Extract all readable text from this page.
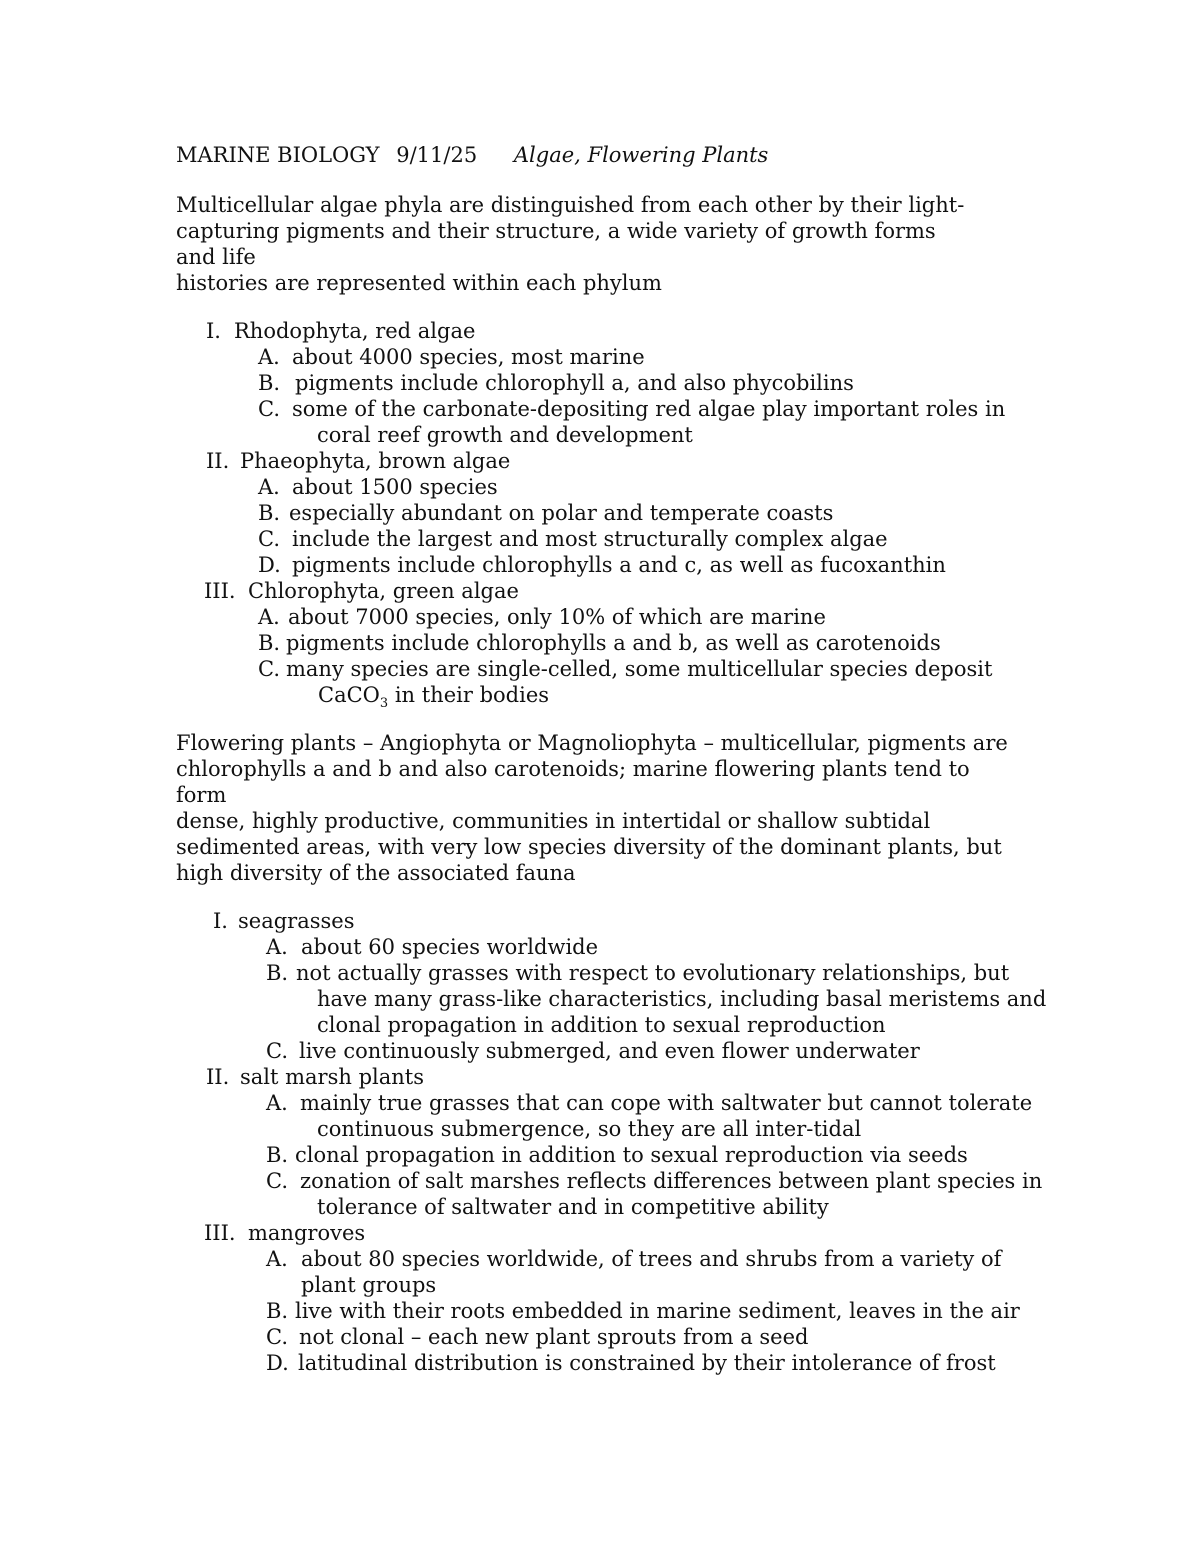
MARINE BIOLOGY 9/11/25 Algae, Flowering Plants
Multicellular algae phyla are distinguished from each other by their light-
capturing pigments and their structure, a wide variety of growth forms and life
histories are represented within each phylum
I. Rhodophyta, red algae
A. about 4000 species, most marine
B. pigments include chlorophyll a, and also phycobilins
C. some of the carbonate-depositing red algae play important roles in
coral reef growth and development
II. Phaeophyta, brown algae
A. about 1500 species
B. especially abundant on polar and temperate coasts
C. include the largest and most structurally complex algae
D. pigments include chlorophylls a and c, as well as fucoxanthin
III. Chlorophyta, green algae
A. about 7000 species, only 10% of which are marine
B. pigments include chlorophylls a and b, as well as carotenoids
C. many species are single-celled, some multicellular species deposit
CaCO$_3$ in their bodies
Flowering plants – Angiophyta or Magnoliophyta – multicellular, pigments are
chlorophylls a and b and also carotenoids; marine flowering plants tend to form
dense, highly productive, communities in intertidal or shallow subtidal
sedimented areas, with very low species diversity of the dominant plants, but
high diversity of the associated fauna
I. seagrasses
A. about 60 species worldwide
B. not actually grasses with respect to evolutionary relationships, but
have many grass-like characteristics, including basal meristems and
clonal propagation in addition to sexual reproduction
C. live continuously submerged, and even flower underwater
II. salt marsh plants
A. mainly true grasses that can cope with saltwater but cannot tolerate
continuous submergence, so they are all inter-tidal
B. clonal propagation in addition to sexual reproduction via seeds
C. zonation of salt marshes reflects differences between plant species in
tolerance of saltwater and in competitive ability
III. mangroves
A. about 80 species worldwide, of trees and shrubs from a variety of
plant groups
B. live with their roots embedded in marine sediment, leaves in the air
C. not clonal – each new plant sprouts from a seed
D. latitudinal distribution is constrained by their intolerance of frost
